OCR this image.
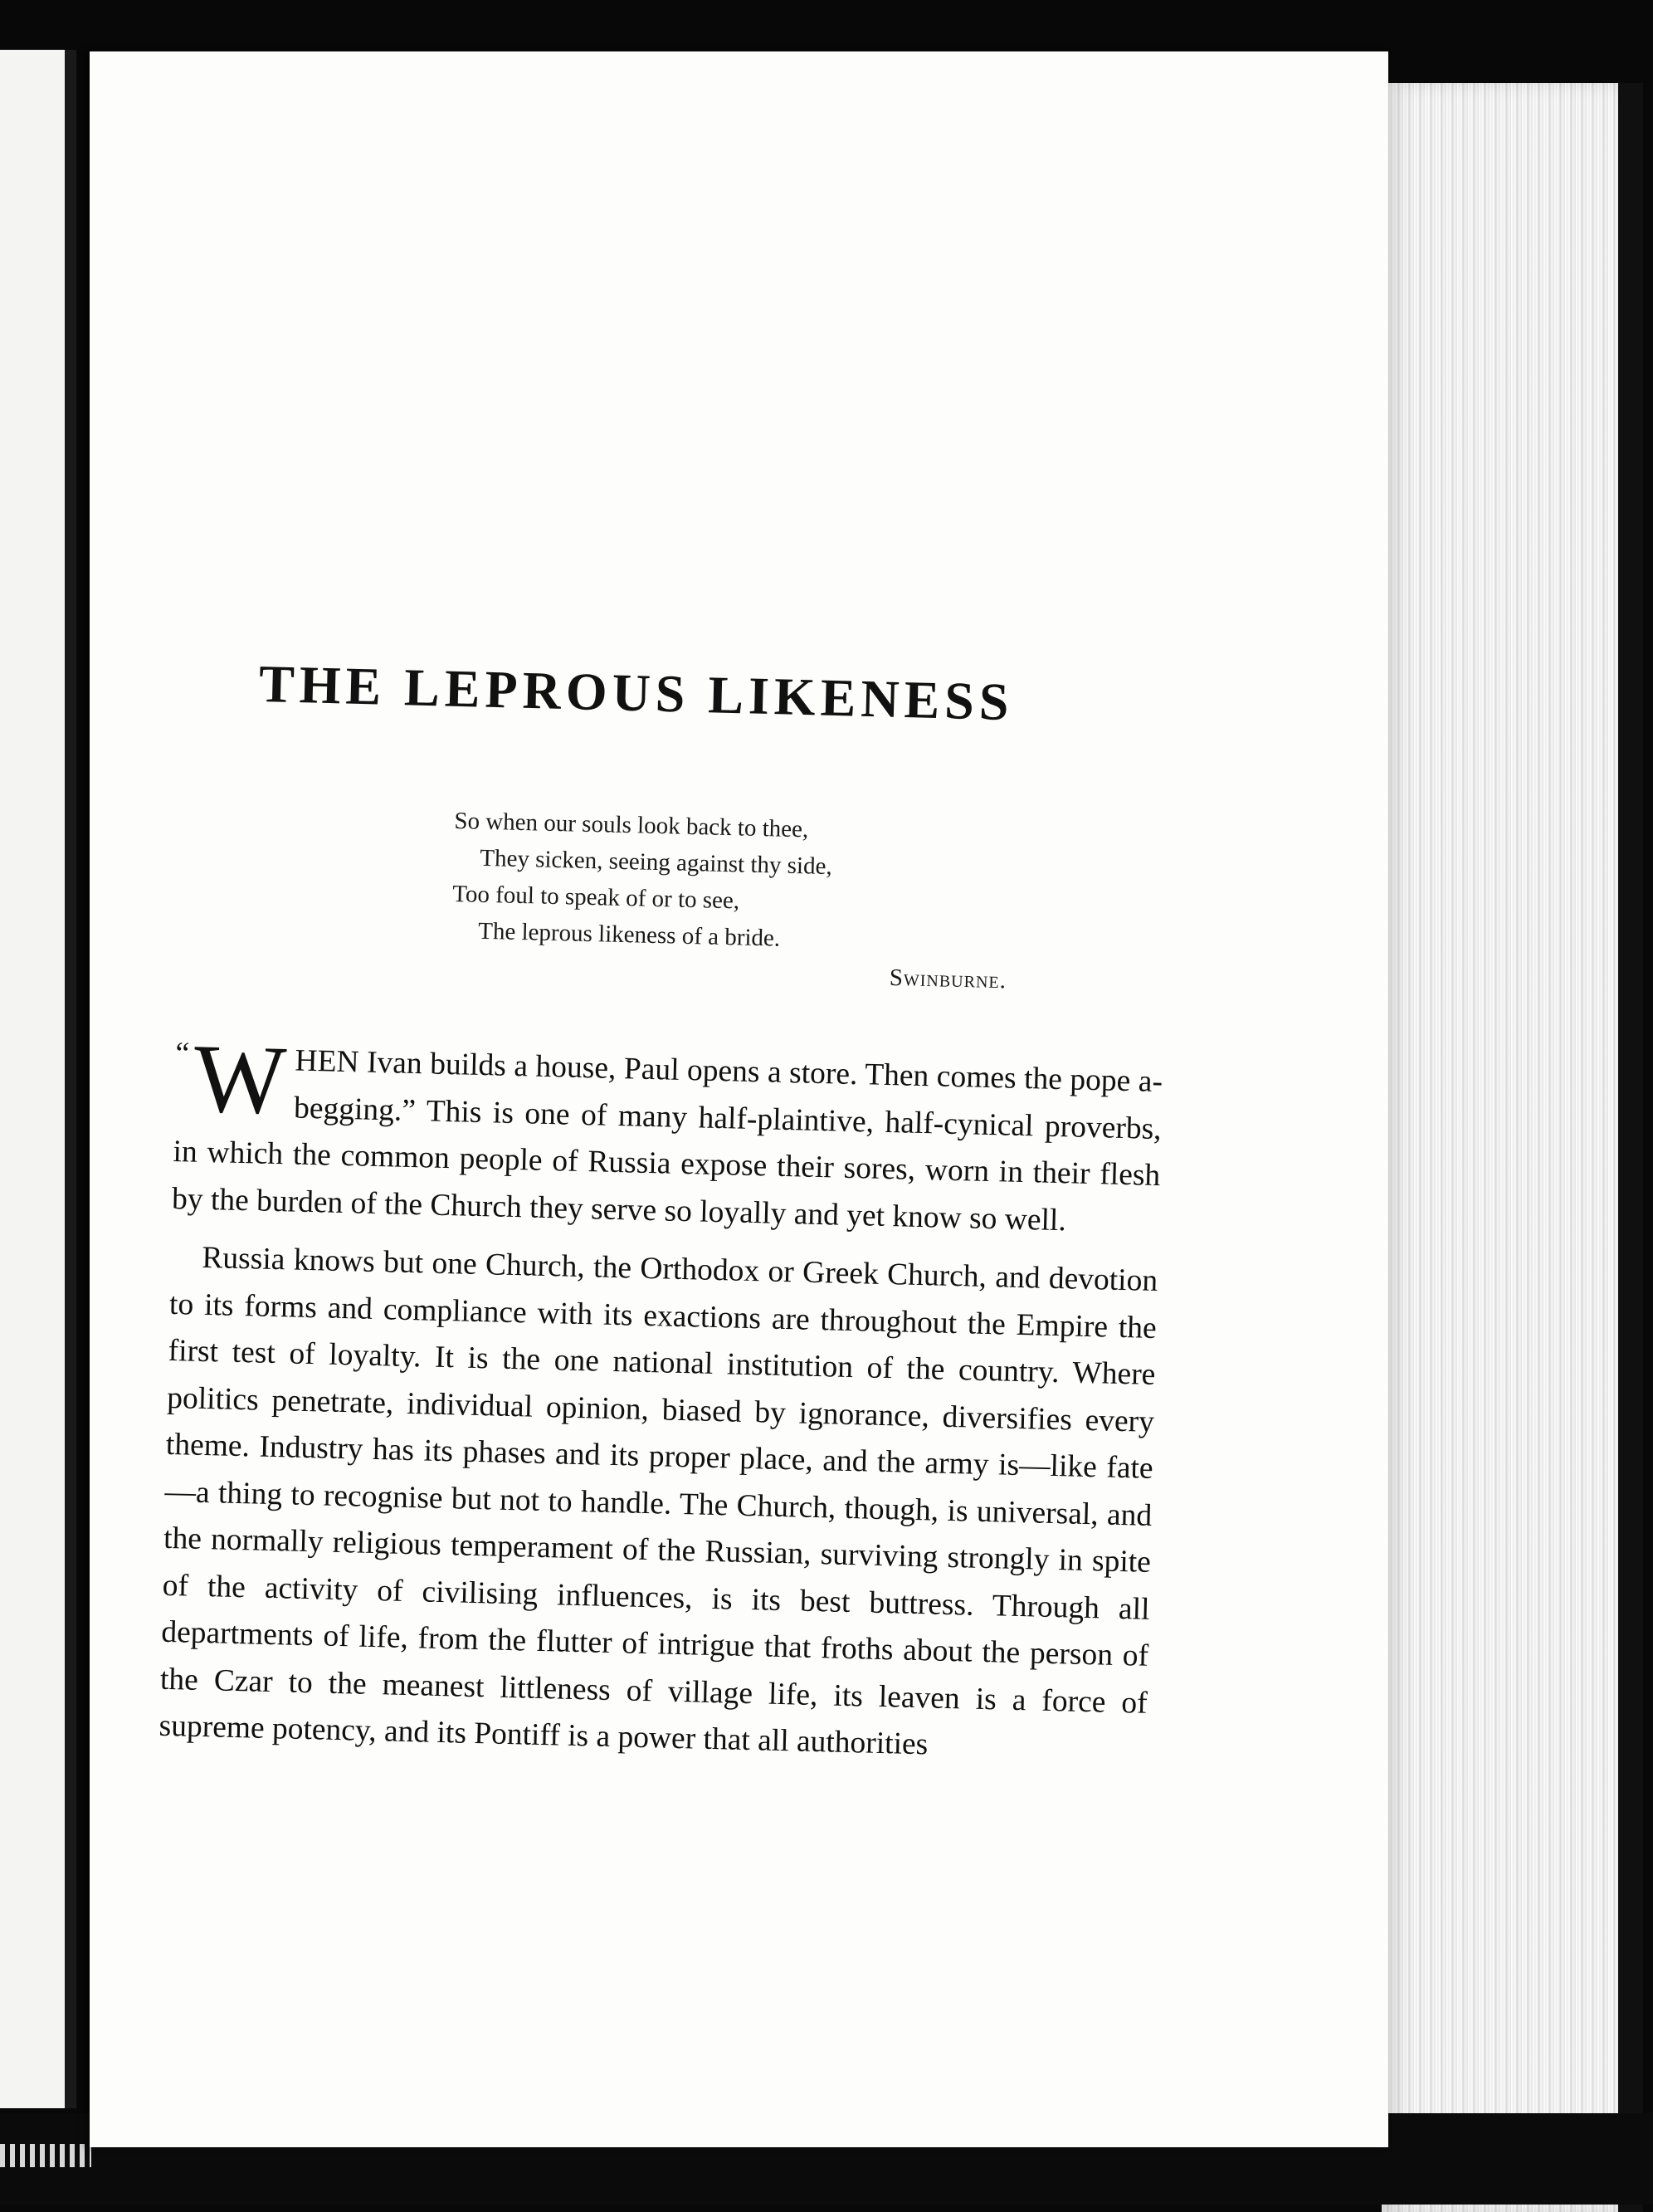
THE LEPROUS LIKENESS
So when our souls look back to thee,
They sicken, seeing against thy side,
Too foul to speak of or to see,
The leprous likeness of a bride.
Swinburne.

“ W HEN Ivan builds a house, Paul opens a store. Then comes the pope a-begging.” This is one of many half-plaintive, half-cynical proverbs, in which the common people of Russia expose their sores, worn in their flesh by the burden of the Church they serve so loyally and yet know so well.

Russia knows but one Church, the Orthodox or Greek Church, and devotion to its forms and compliance with its exactions are throughout the Empire the first test of loyalty. It is the one national institution of the country. Where politics penetrate, individual opinion, biased by ignorance, diversifies every theme. Industry has its phases and its proper place, and the army is—like fate—a thing to recognise but not to handle. The Church, though, is universal, and the normally religious temperament of the Russian, surviving strongly in spite of the activity of civilising influences, is its best buttress. Through all departments of life, from the flutter of intrigue that froths about the person of the Czar to the meanest littleness of village life, its leaven is a force of supreme potency, and its Pontiff is a power that all authorities
